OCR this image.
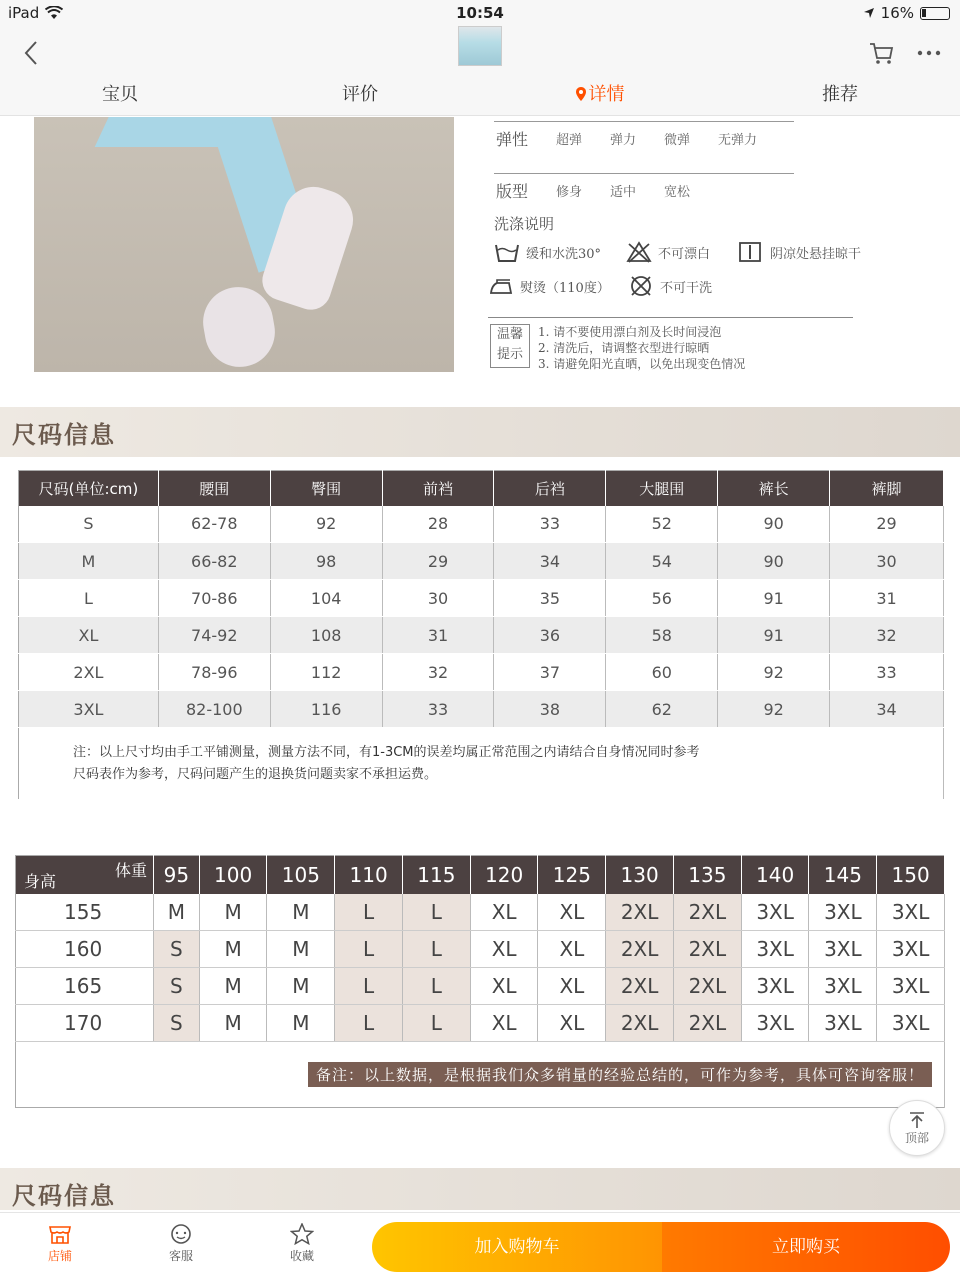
iPad	10:54	16%
宝贝	评价	详情	推荐
弹性 超弹 弹力 微弹 无弹力
版型 修身 适中 宽松
洗涤说明
缓和水洗30°	不可漂白	阴凉处悬挂晾干
熨烫（110度）	不可干洗
温馨
提示
1. 请不要使用漂白剂及长时间浸泡
2. 清洗后，请调整衣型进行晾晒
3. 请避免阳光直晒，以免出现变色情况
尺码信息
尺码(单位:cm)	腰围	臀围	前裆	后裆	大腿围	裤长	裤脚
S	62-78	92	28	33	52	90	29
M	66-82	98	29	34	54	90	30
L	70-86	104	30	35	56	91	31
XL	74-92	108	31	36	58	91	32
2XL	78-96	112	32	37	60	92	33
3XL	82-100	116	33	38	62	92	34

注：以上尺寸均由手工平铺测量，测量方法不同，有1-3CM的误差均属正常范围之内请结合自身情况同时参考
尺码表作为参考，尺码问题产生的退换货问题卖家不承担运费。							
体重
身高	95	100	105	110	115	120	125	130	135	140	145	150
155	M	M	M	L	L	XL	XL	2XL	2XL	3XL	3XL	3XL
160	S	M	M	L	L	XL	XL	2XL	2XL	3XL	3XL	3XL
165	S	M	M	L	L	XL	XL	2XL	2XL	3XL	3XL	3XL
170	S	M	M	L	L	XL	XL	2XL	2XL	3XL	3XL	3XL

备注：以上数据，是根据我们众多销量的经验总结的，可作为参考，具体可咨询客服！												
尺码信息
顶部
店铺	客服	收藏	加入购物车	立即购买
